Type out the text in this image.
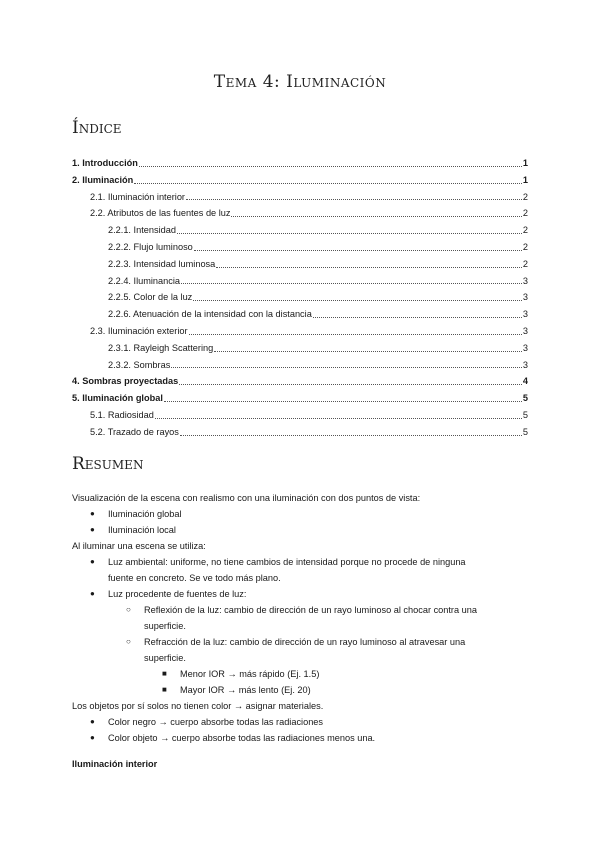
Tema 4: Iluminación
Índice
1. Introducción	1
2. Iluminación	1
2.1. Iluminación interior	2
2.2. Atributos de las fuentes de luz	2
2.2.1. Intensidad	2
2.2.2. Flujo luminoso	2
2.2.3. Intensidad luminosa	2
2.2.4. Iluminancia	3
2.2.5. Color de la luz	3
2.2.6. Atenuación de la intensidad con la distancia	3
2.3. Iluminación exterior	3
2.3.1. Rayleigh Scattering	3
2.3.2. Sombras	3
4. Sombras proyectadas	4
5. Iluminación global	5
5.1. Radiosidad	5
5.2. Trazado de rayos	5
Resumen
Visualización de la escena con realismo con una iluminación con dos puntos de vista:
● Iluminación global
● Iluminación local
Al iluminar una escena se utiliza:
● Luz ambiental: uniforme, no tiene cambios de intensidad porque no procede de ninguna
fuente en concreto. Se ve todo más plano.
● Luz procedente de fuentes de luz:
○ Reflexión de la luz: cambio de dirección de un rayo luminoso al chocar contra una
superficie.
○ Refracción de la luz: cambio de dirección de un rayo luminoso al atravesar una
superficie.
■ Menor IOR → más rápido (Ej. 1.5)
■ Mayor IOR → más lento (Ej. 20)
Los objetos por sí solos no tienen color → asignar materiales.
● Color negro → cuerpo absorbe todas las radiaciones
● Color objeto → cuerpo absorbe todas las radiaciones menos una.
Iluminación interior
